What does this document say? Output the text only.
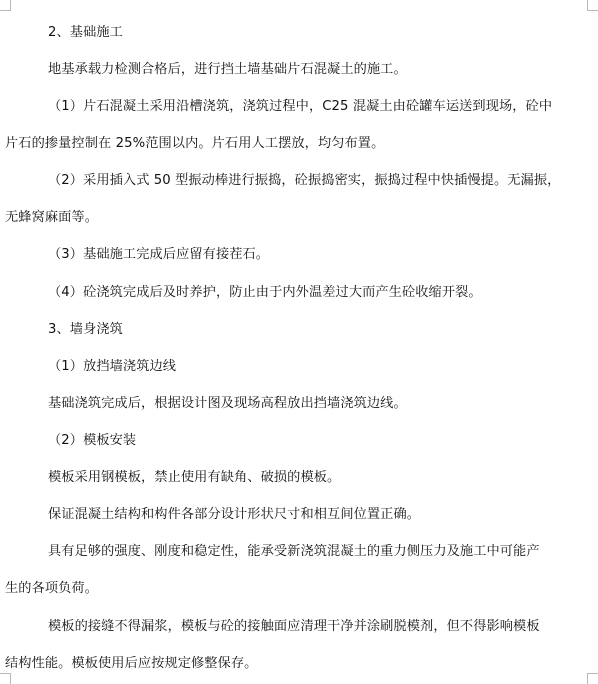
2、基础施工
地基承载力检测合格后，进行挡土墙基础片石混凝土的施工。
（1）片石混凝土采用沿槽浇筑，浇筑过程中，C25 混凝土由砼罐车运送到现场，砼中
片石的掺量控制在 25%范围以内。片石用人工摆放，均匀布置。
（2）采用插入式 50 型振动棒进行振捣，砼振捣密实，振捣过程中快插慢提。无漏振，
无蜂窝麻面等。
（3）基础施工完成后应留有接茬石。
（4）砼浇筑完成后及时养护，防止由于内外温差过大而产生砼收缩开裂。
3、墙身浇筑
（1）放挡墙浇筑边线
基础浇筑完成后，根据设计图及现场高程放出挡墙浇筑边线。
（2）模板安装
模板采用钢模板，禁止使用有缺角、破损的模板。
保证混凝土结构和构件各部分设计形状尺寸和相互间位置正确。
具有足够的强度、刚度和稳定性，能承受新浇筑混凝土的重力侧压力及施工中可能产
生的各项负荷。
模板的接缝不得漏浆，模板与砼的接触面应清理干净并涂刷脱模剂，但不得影响模板
结构性能。模板使用后应按规定修整保存。
